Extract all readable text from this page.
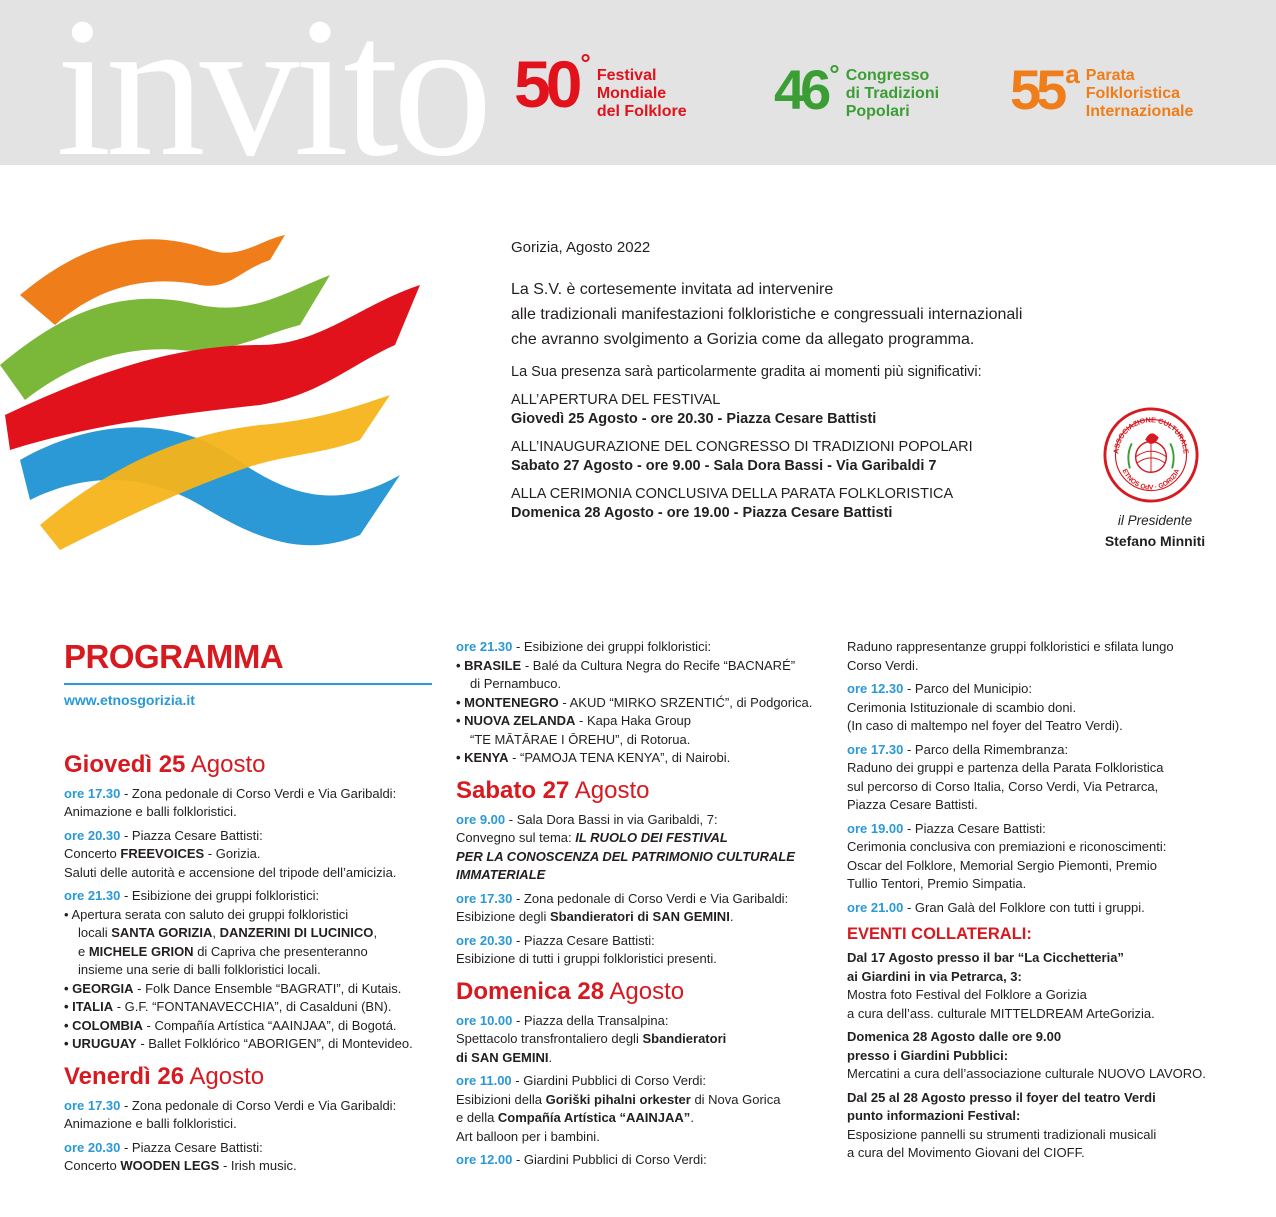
invito 50 ° Festival
Mondiale
del Folklore 46 ° Congresso
di Tradizioni
Popolari	55 a Parata
Folkloristica
Internazionale
Gorizia, Agosto 2022
La S.V. è cortesemente invitata ad intervenire
alle tradizionali manifestazioni folkloristiche e congressuali internazionali
che avranno svolgimento a Gorizia come da allegato programma.
La Sua presenza sarà particolarmente gradita ai momenti più significativi:
ALL’APERTURA DEL FESTIVAL
Giovedì 25 Agosto - ore 20.30 - Piazza Cesare Battisti
ALL’INAUGURAZIONE DEL CONGRESSO DI TRADIZIONI POPOLARI
Sabato 27 Agosto - ore 9.00 - Sala Dora Bassi - Via Garibaldi 7
ALLA CERIMONIA CONCLUSIVA DELLA PARATA FOLKLORISTICA
Domenica 28 Agosto - ore 19.00 - Piazza Cesare Battisti
ASSOCIAZIONE CULTURALE
ETNOS OdV · GORIZIA
il Presidente
Stefano Minniti
PROGRAMMA
www.etnosgorizia.it
Giovedì 25 Agosto
ore 17.30 - Zona pedonale di Corso Verdi e Via Garibaldi:
Animazione e balli folkloristici.
ore 20.30 - Piazza Cesare Battisti:
Concerto FREEVOICES - Gorizia.
Saluti delle autorità e accensione del tripode dell’amicizia.
ore 21.30 - Esibizione dei gruppi folkloristici:
• Apertura serata con saluto dei gruppi folkloristici
locali SANTA GORIZIA, DANZERINI DI LUCINICO,
e MICHELE GRION di Capriva che presenteranno
insieme una serie di balli folkloristici locali.
• GEORGIA - Folk Dance Ensemble “BAGRATI”, di Kutais.
• ITALIA - G.F. “FONTANAVECCHIA”, di Casalduni (BN).
• COLOMBIA - Compañía Artística “AAINJAA”, di Bogotá.
• URUGUAY - Ballet Folklórico “ABORIGEN”, di Montevideo.
Venerdì 26 Agosto
ore 17.30 - Zona pedonale di Corso Verdi e Via Garibaldi:
Animazione e balli folkloristici.
ore 20.30 - Piazza Cesare Battisti:
Concerto WOODEN LEGS - Irish music.
ore 21.30 - Esibizione dei gruppi folkloristici:
• BRASILE - Balé da Cultura Negra do Recife “BACNARÉ”
di Pernambuco.
• MONTENEGRO - AKUD “MIRKO SRZENTIĆ”, di Podgorica.
• NUOVA ZELANDA - Kapa Haka Group
“TE MĀTĀRAE I ŌREHU”, di Rotorua.
• KENYA - “PAMOJA TENA KENYA”, di Nairobi.
Sabato 27 Agosto
ore 9.00 - Sala Dora Bassi in via Garibaldi, 7:
Convegno sul tema: IL RUOLO DEI FESTIVAL
PER LA CONOSCENZA DEL PATRIMONIO CULTURALE
IMMATERIALE
ore 17.30 - Zona pedonale di Corso Verdi e Via Garibaldi:
Esibizione degli Sbandieratori di SAN GEMINI.
ore 20.30 - Piazza Cesare Battisti:
Esibizione di tutti i gruppi folkloristici presenti.
Domenica 28 Agosto
ore 10.00 - Piazza della Transalpina:
Spettacolo transfrontaliero degli Sbandieratori
di SAN GEMINI.
ore 11.00 - Giardini Pubblici di Corso Verdi:
Esibizioni della Goriški pihalni orkester di Nova Gorica
e della Compañía Artística “AAINJAA”.
Art balloon per i bambini.
ore 12.00 - Giardini Pubblici di Corso Verdi:
Raduno rappresentanze gruppi folkloristici e sfilata lungo
Corso Verdi.
ore 12.30 - Parco del Municipio:
Cerimonia Istituzionale di scambio doni.
(In caso di maltempo nel foyer del Teatro Verdi).
ore 17.30 - Parco della Rimembranza:
Raduno dei gruppi e partenza della Parata Folkloristica
sul percorso di Corso Italia, Corso Verdi, Via Petrarca,
Piazza Cesare Battisti.
ore 19.00 - Piazza Cesare Battisti:
Cerimonia conclusiva con premiazioni e riconoscimenti:
Oscar del Folklore, Memorial Sergio Piemonti, Premio
Tullio Tentori, Premio Simpatia.
ore 21.00 - Gran Galà del Folklore con tutti i gruppi.
EVENTI COLLATERALI:
Dal 17 Agosto presso il bar “La Cicchetteria”
ai Giardini in via Petrarca, 3:
Mostra foto Festival del Folklore a Gorizia
a cura dell’ass. culturale MITTELDREAM ArteGorizia.
Domenica 28 Agosto dalle ore 9.00
presso i Giardini Pubblici:
Mercatini a cura dell’associazione culturale NUOVO LAVORO.
Dal 25 al 28 Agosto presso il foyer del teatro Verdi
punto informazioni Festival:
Esposizione pannelli su strumenti tradizionali musicali
a cura del Movimento Giovani del CIOFF.
